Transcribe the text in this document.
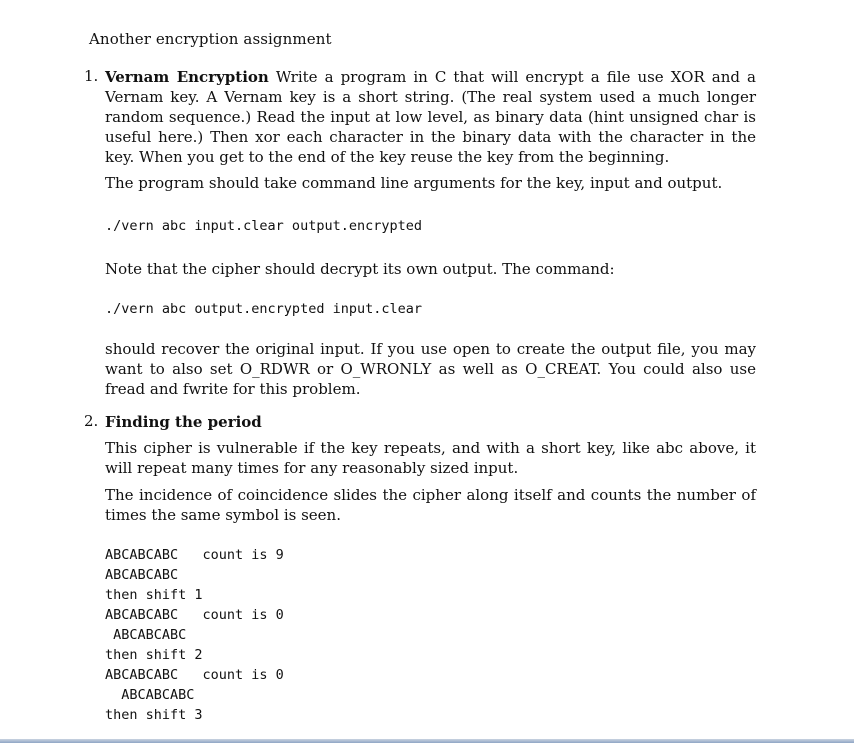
Another encryption assignment
1. Vernam Encryption Write a program in C that will encrypt a file use XOR and a Vernam key. A Vernam key is a short string. (The real system used a much longer random sequence.) Read the input at low level, as binary data (hint unsigned char is useful here.) Then xor each character in the binary data with the character in the key. When you get to the end of the key reuse the key from the beginning.
The program should take command line arguments for the key, input and output.
./vern abc input.clear output.encrypted
Note that the cipher should decrypt its own output. The command:
./vern abc output.encrypted input.clear
should recover the original input. If you use open to create the output file, you may want to also set O_RDWR or O_WRONLY as well as O_CREAT. You could also use fread and fwrite for this problem.
2. Finding the period
This cipher is vulnerable if the key repeats, and with a short key, like abc above, it will repeat many times for any reasonably sized input.
The incidence of coincidence slides the cipher along itself and counts the number of times the same symbol is seen.
ABCABCABC   count is 9
ABCABCABC
then shift 1
ABCABCABC   count is 0
ABCABCABC
then shift 2
ABCABCABC   count is 0
ABCABCABC
then shift 3
